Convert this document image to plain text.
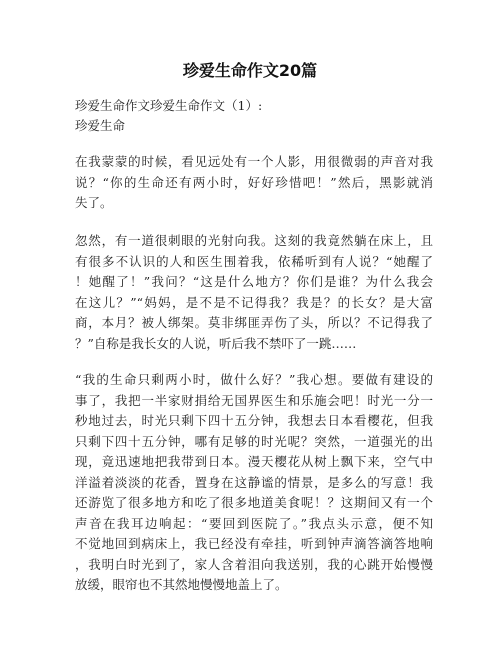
珍爱生命作文20篇
珍爱生命作文珍爱生命作文（1）:
珍爱生命

在我蒙蒙的时候，看见远处有一个人影，用很微弱的声音对我
说？“你的生命还有两小时，好好珍惜吧！”然后，黑影就消
失了。

忽然，有一道很刺眼的光射向我。这刻的我竟然躺在床上，且
有很多不认识的人和医生围着我，依稀听到有人说？“她醒了
！她醒了！”我问？“这是什么地方？你们是谁？为什么我会
在这儿？”“妈妈，是不是不记得我？我是？的长女？是大富
商，本月？被人绑架。莫非绑匪弄伤了头，所以？不记得我了
？”自称是我长女的人说，听后我不禁吓了一跳……

“我的生命只剩两小时，做什么好？”我心想。要做有建设的
事了，我把一半家财捐给无国界医生和乐施会吧！时光一分一
秒地过去，时光只剩下四十五分钟，我想去日本看樱花，但我
只剩下四十五分钟，哪有足够的时光呢？突然，一道强光的出
现，竟迅速地把我带到日本。漫天樱花从树上飘下来，空气中
洋溢着淡淡的花香，置身在这静谧的情景，是多么的写意！我
还游览了很多地方和吃了很多地道美食呢！？这期间又有一个
声音在我耳边响起：“要回到医院了。”我点头示意，便不知
不觉地回到病床上，我已经没有牵挂，听到钟声滴答滴答地响
，我明白时光到了，家人含着泪向我送别，我的心跳开始慢慢
放缓，眼帘也不其然地慢慢地盖上了。
